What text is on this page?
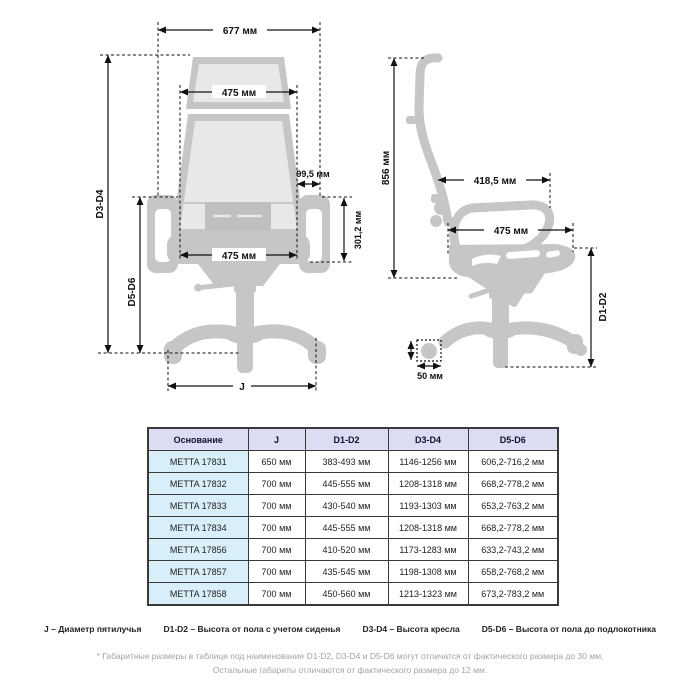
677 мм
475 мм
99,5 мм
301,2 мм
475 мм
D3-D4
D5-D6
J
856 мм	418,5 мм
475 мм
D1-D2
50 мм
Основание	J	D1-D2	D3-D4	D5-D6
METTA 17831	650 мм	383-493 мм	1146-1256 мм	606,2-716,2 мм
METTA 17832	700 мм	445-555 мм	1208-1318 мм	668,2-778,2 мм
METTA 17833	700 мм	430-540 мм	1193-1303 мм	653,2-763,2 мм
METTA 17834	700 мм	445-555 мм	1208-1318 мм	668,2-778,2 мм
METTA 17856	700 мм	410-520 мм	1173-1283 мм	633,2-743,2 мм
METTA 17857	700 мм	435-545 мм	1198-1308 мм	658,2-768,2 мм
METTA 17858	700 мм	450-560 мм	1213-1323 мм	673,2-783,2 мм
J – Диаметр пятилучья	D1-D2 – Высота от пола с учетом сиденья	D3-D4 – Высота кресла	D5-D6 – Высота от пола до подлокотника
* Габаритные размеры в таблице под наименование D1-D2, D3-D4 и D5-D6 могут отличатся от фактического размера до 30 мм,
Остальные габариты отличаются от фактического размера до 12 мм.
